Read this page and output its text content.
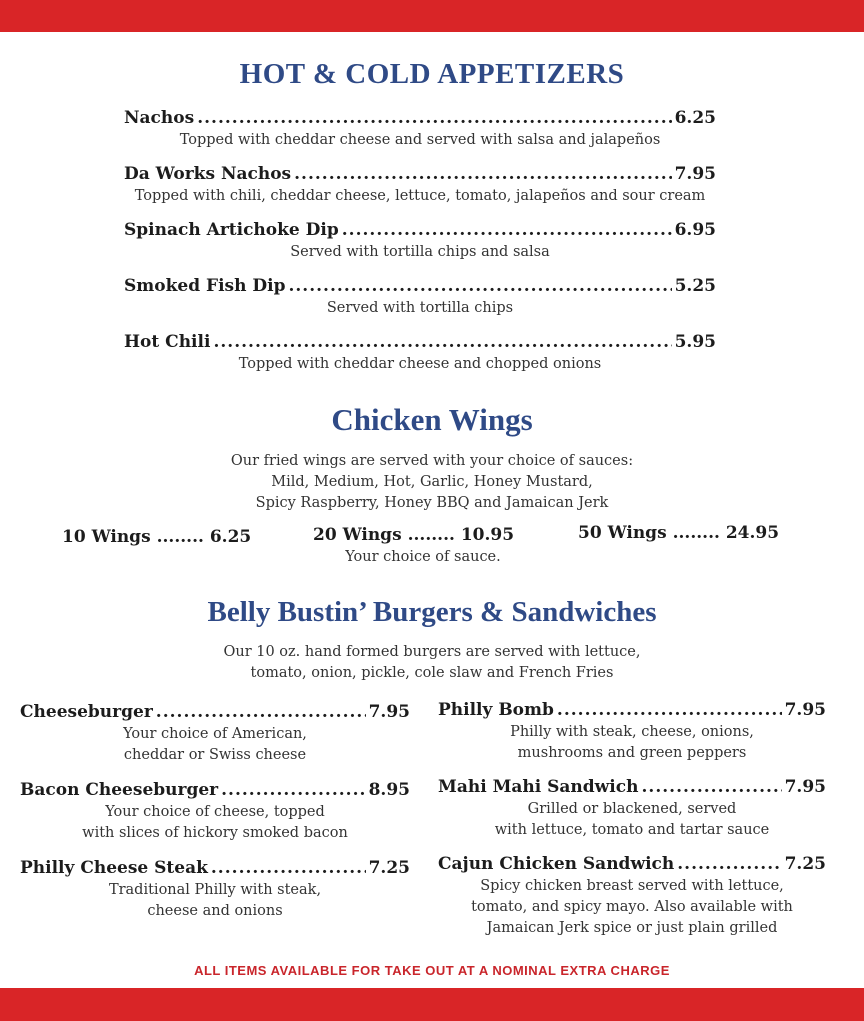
HOT & COLD APPETIZERS
Nachos .....	6.25
Topped with cheddar cheese and served with salsa and jalapeños
Da Works Nachos .....	7.95
Topped with chili, cheddar cheese, lettuce, tomato, jalapeños and sour cream
Spinach Artichoke Dip .....	6.95
Served with tortilla chips and salsa
Smoked Fish Dip .....	5.25
Served with tortilla chips
Hot Chili .....	5.95
Topped with cheddar cheese and chopped onions
Chicken Wings
Our fried wings are served with your choice of sauces:
Mild, Medium, Hot, Garlic, Honey Mustard,
Spicy Raspberry, Honey BBQ and Jamaican Jerk
10 Wings ........ 6.25	20 Wings ........ 10.95	50 Wings ........ 24.95
Your choice of sauce.
Belly Bustin’ Burgers & Sandwiches
Our 10 oz. hand formed burgers are served with lettuce,
tomato, onion, pickle, cole slaw and French Fries
Cheeseburger .....	7.95
Your choice of American,
cheddar or Swiss cheese
Bacon Cheeseburger .....	8.95
Your choice of cheese, topped
with slices of hickory smoked bacon
Philly Cheese Steak .....	7.25
Traditional Philly with steak,
cheese and onions
Philly Bomb .....	7.95
Philly with steak, cheese, onions,
mushrooms and green peppers
Mahi Mahi Sandwich .....	7.95
Grilled or blackened, served
with lettuce, tomato and tartar sauce
Cajun Chicken Sandwich .....	7.25
Spicy chicken breast served with lettuce,
tomato, and spicy mayo. Also available with
Jamaican Jerk spice or just plain grilled
ALL ITEMS AVAILABLE FOR TAKE OUT AT A NOMINAL EXTRA CHARGE
